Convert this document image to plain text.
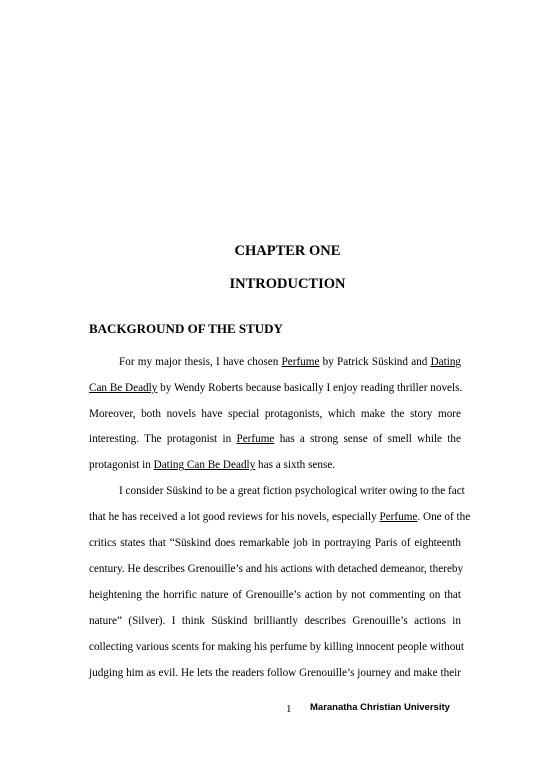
CHAPTER ONE
INTRODUCTION
BACKGROUND OF THE STUDY
For my major thesis, I have chosen Perfume by Patrick Süskind and Dating
Can Be Deadly by Wendy Roberts because basically I enjoy reading thriller novels.
Moreover, both novels have special protagonists, which make the story more
interesting. The protagonist in Perfume has a strong sense of smell while the
protagonist in Dating Can Be Deadly has a sixth sense.
I consider Süskind to be a great fiction psychological writer owing to the fact
that he has received a lot good reviews for his novels, especially Perfume. One of the
critics states that “Süskind does remarkable job in portraying Paris of eighteenth
century. He describes Grenouille’s and his actions with detached demeanor, thereby
heightening the horrific nature of Grenouille’s action by not commenting on that
nature” (Silver). I think Süskind brilliantly describes Grenouille’s actions in
collecting various scents for making his perfume by killing innocent people without
judging him as evil. He lets the readers follow Grenouille’s journey and make their
1 Maranatha Christian University
